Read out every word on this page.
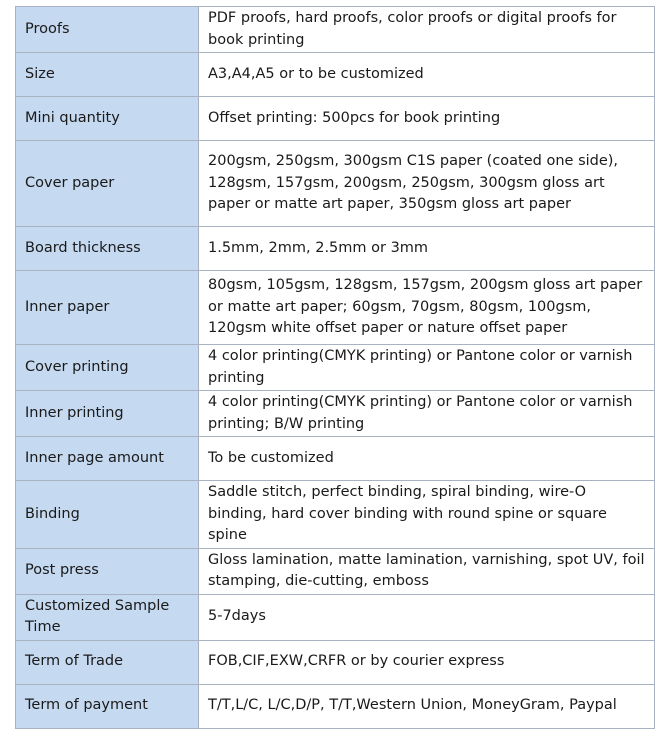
Proofs	PDF proofs, hard proofs, color proofs or digital proofs for book printing
Size	A3,A4,A5 or to be customized
Mini quantity	Offset printing: 500pcs for book printing
Cover paper	200gsm, 250gsm, 300gsm C1S paper (coated one side), 128gsm, 157gsm, 200gsm, 250gsm, 300gsm gloss art paper or matte art paper, 350gsm gloss art paper
Board thickness	1.5mm, 2mm, 2.5mm or 3mm
Inner paper	80gsm, 105gsm, 128gsm, 157gsm, 200gsm gloss art paper or matte art paper; 60gsm, 70gsm, 80gsm, 100gsm, 120gsm white offset paper or nature offset paper
Cover printing	4 color printing(CMYK printing) or Pantone color or varnish printing
Inner printing	4 color printing(CMYK printing) or Pantone color or varnish printing; B/W printing
Inner page amount	To be customized
Binding	Saddle stitch, perfect binding, spiral binding, wire-O binding, hard cover binding with round spine or square spine
Post press	Gloss lamination, matte lamination, varnishing, spot UV, foil stamping, die-cutting, emboss
Customized Sample Time	5-7days
Term of Trade	FOB,CIF,EXW,CRFR or by courier express
Term of payment	T/T,L/C, L/C,D/P, T/T,Western Union, MoneyGram, Paypal
